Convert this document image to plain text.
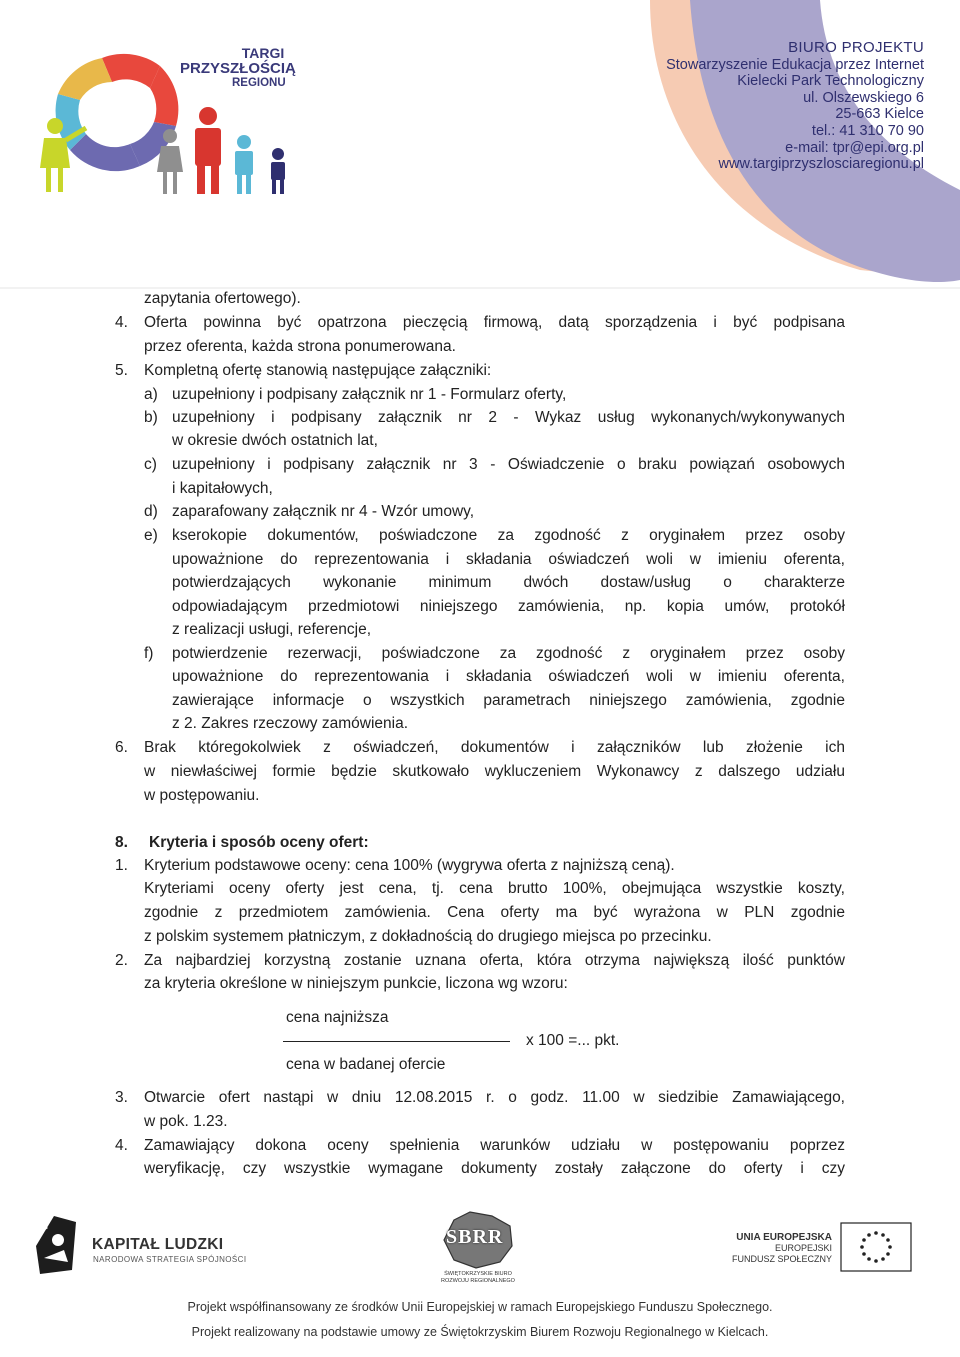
TARGI
PRZYSZŁOŚCIĄ
REGIONU
BIURO PROJEKTU
Stowarzyszenie Edukacja przez Internet
Kielecki Park Technologiczny
ul. Olszewskiego 6
25-663 Kielce
tel.: 41 310 70 90
e-mail: tpr@epi.org.pl
www.targiprzyszlosciaregionu.pl
zapytania ofertowego).
4. Oferta powinna być opatrzona pieczęcią firmową, datą sporządzenia i być podpisana
przez oferenta, każda strona ponumerowana.
5. Kompletną ofertę stanowią następujące załączniki:
a) uzupełniony i podpisany załącznik nr 1 - Formularz oferty,
b) uzupełniony i podpisany załącznik nr 2 - Wykaz usług wykonanych/wykonywanych
w okresie dwóch ostatnich lat,
c) uzupełniony i podpisany załącznik nr 3 - Oświadczenie o braku powiązań osobowych
i kapitałowych,
d) zaparafowany załącznik nr 4 - Wzór umowy,
e) kserokopie dokumentów, poświadczone za zgodność z oryginałem przez osoby
upoważnione do reprezentowania i składania oświadczeń woli w imieniu oferenta,
potwierdzających wykonanie minimum dwóch dostaw/usług o charakterze
odpowiadającym przedmiotowi niniejszego zamówienia, np. kopia umów, protokół
z realizacji usługi, referencje,
f) potwierdzenie rezerwacji, poświadczone za zgodność z oryginałem przez osoby
upoważnione do reprezentowania i składania oświadczeń woli w imieniu oferenta,
zawierające informacje o wszystkich parametrach niniejszego zamówienia, zgodnie
z 2. Zakres rzeczowy zamówienia.
6. Brak któregokolwiek z oświadczeń, dokumentów i załączników lub złożenie ich
w niewłaściwej formie będzie skutkowało wykluczeniem Wykonawcy z dalszego udziału
w postępowaniu.
8. Kryteria i sposób oceny ofert:
1. Kryterium podstawowe oceny: cena 100% (wygrywa oferta z najniższą ceną).
Kryteriami oceny oferty jest cena, tj. cena brutto 100%, obejmująca wszystkie koszty,
zgodnie z przedmiotem zamówienia. Cena oferty ma być wyrażona w PLN zgodnie
z polskim systemem płatniczym, z dokładnością do drugiego miejsca po przecinku.
2. Za najbardziej korzystną zostanie uznana oferta, która otrzyma największą ilość punktów
za kryteria określone w niniejszym punkcie, liczona wg wzoru:
cena najniższa
x 100 =... pkt.
cena w badanej ofercie
3. Otwarcie ofert nastąpi w dniu 12.08.2015 r. o godz. 11.00 w siedzibie Zamawiającego,
w pok. 1.23.
4. Zamawiający dokona oceny spełnienia warunków udziału w postępowaniu poprzez
weryfikację, czy wszystkie wymagane dokumenty zostały załączone do oferty i czy
KAPITAŁ LUDZKI
NARODOWA STRATEGIA SPÓJNOŚCI
SBRR
ŚWIĘTOKRZYSKIE BIURO
ROZWOJU REGIONALNEGO
UNIA EUROPEJSKA
EUROPEJSKI
FUNDUSZ SPOŁECZNY
Projekt współfinansowany ze środków Unii Europejskiej w ramach Europejskiego Funduszu Społecznego.
Projekt realizowany na podstawie umowy ze Świętokrzyskim Biurem Rozwoju Regionalnego w Kielcach.
